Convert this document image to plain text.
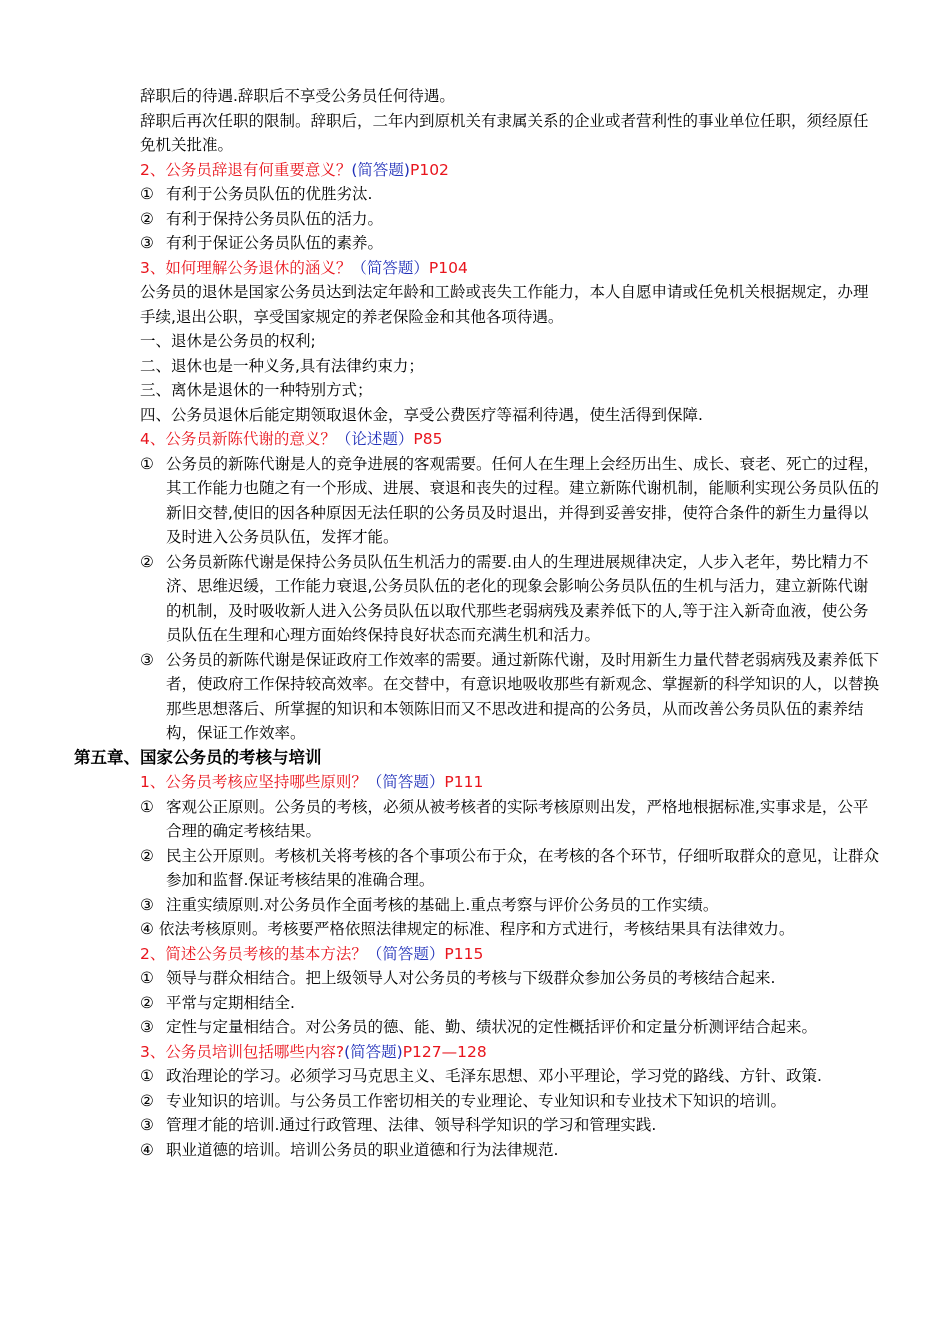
辞职后的待遇.辞职后不享受公务员任何待遇。

辞职后再次任职的限制。辞职后，二年内到原机关有隶属关系的企业或者营利性的事业单位任职，须经原任免机关批准。

2、公务员辞退有何重要意义？(简答题)P102

① 有利于公务员队伍的优胜劣汰.
② 有利于保持公务员队伍的活力。
③ 有利于保证公务员队伍的素养。

3、如何理解公务退休的涵义？（简答题）P104

公务员的退休是国家公务员达到法定年龄和工龄或丧失工作能力，本人自愿申请或任免机关根据规定，办理手续,退出公职，享受国家规定的养老保险金和其他各项待遇。

一、退休是公务员的权利;

二、退休也是一种义务,具有法律约束力；

三、离休是退休的一种特别方式；

四、公务员退休后能定期领取退休金，享受公费医疗等福利待遇，使生活得到保障.

4、公务员新陈代谢的意义？（论述题）P85

① 公务员的新陈代谢是人的竞争进展的客观需要。任何人在生理上会经历出生、成长、衰老、死亡的过程，其工作能力也随之有一个形成、进展、衰退和丧失的过程。建立新陈代谢机制，能顺利实现公务员队伍的新旧交替,使旧的因各种原因无法任职的公务员及时退出，并得到妥善安排，使符合条件的新生力量得以及时进入公务员队伍，发挥才能。
② 公务员新陈代谢是保持公务员队伍生机活力的需要.由人的生理进展规律决定，人步入老年，势比精力不济、思维迟缓，工作能力衰退,公务员队伍的老化的现象会影响公务员队伍的生机与活力，建立新陈代谢的机制，及时吸收新人进入公务员队伍以取代那些老弱病残及素养低下的人,等于注入新奇血液，使公务员队伍在生理和心理方面始终保持良好状态而充满生机和活力。
③ 公务员的新陈代谢是保证政府工作效率的需要。通过新陈代谢，及时用新生力量代替老弱病残及素养低下者，使政府工作保持较高效率。在交替中，有意识地吸收那些有新观念、掌握新的科学知识的人，以替换那些思想落后、所掌握的知识和本领陈旧而又不思改进和提高的公务员，从而改善公务员队伍的素养结构，保证工作效率。

第五章、国家公务员的考核与培训

1、公务员考核应坚持哪些原则？（简答题）P111

① 客观公正原则。公务员的考核，必须从被考核者的实际考核原则出发，严格地根据标准,实事求是，公平合理的确定考核结果。
② 民主公开原则。考核机关将考核的各个事项公布于众，在考核的各个环节，仔细听取群众的意见，让群众参加和监督.保证考核结果的准确合理。
③ 注重实绩原则.对公务员作全面考核的基础上.重点考察与评价公务员的工作实绩。

④ 依法考核原则。考核要严格依照法律规定的标准、程序和方式进行，考核结果具有法律效力。

2、简述公务员考核的基本方法？（简答题）P115

① 领导与群众相结合。把上级领导人对公务员的考核与下级群众参加公务员的考核结合起来.
② 平常与定期相结全.
③ 定性与定量相结合。对公务员的德、能、勤、绩状况的定性概括评价和定量分析测评结合起来。

3、公务员培训包括哪些内容?(简答题)P127—128

① 政治理论的学习。必须学习马克思主义、毛泽东思想、邓小平理论，学习党的路线、方针、政策.
② 专业知识的培训。与公务员工作密切相关的专业理论、专业知识和专业技术下知识的培训。
③ 管理才能的培训.通过行政管理、法律、领导科学知识的学习和管理实践.
④ 职业道德的培训。培训公务员的职业道德和行为法律规范.
